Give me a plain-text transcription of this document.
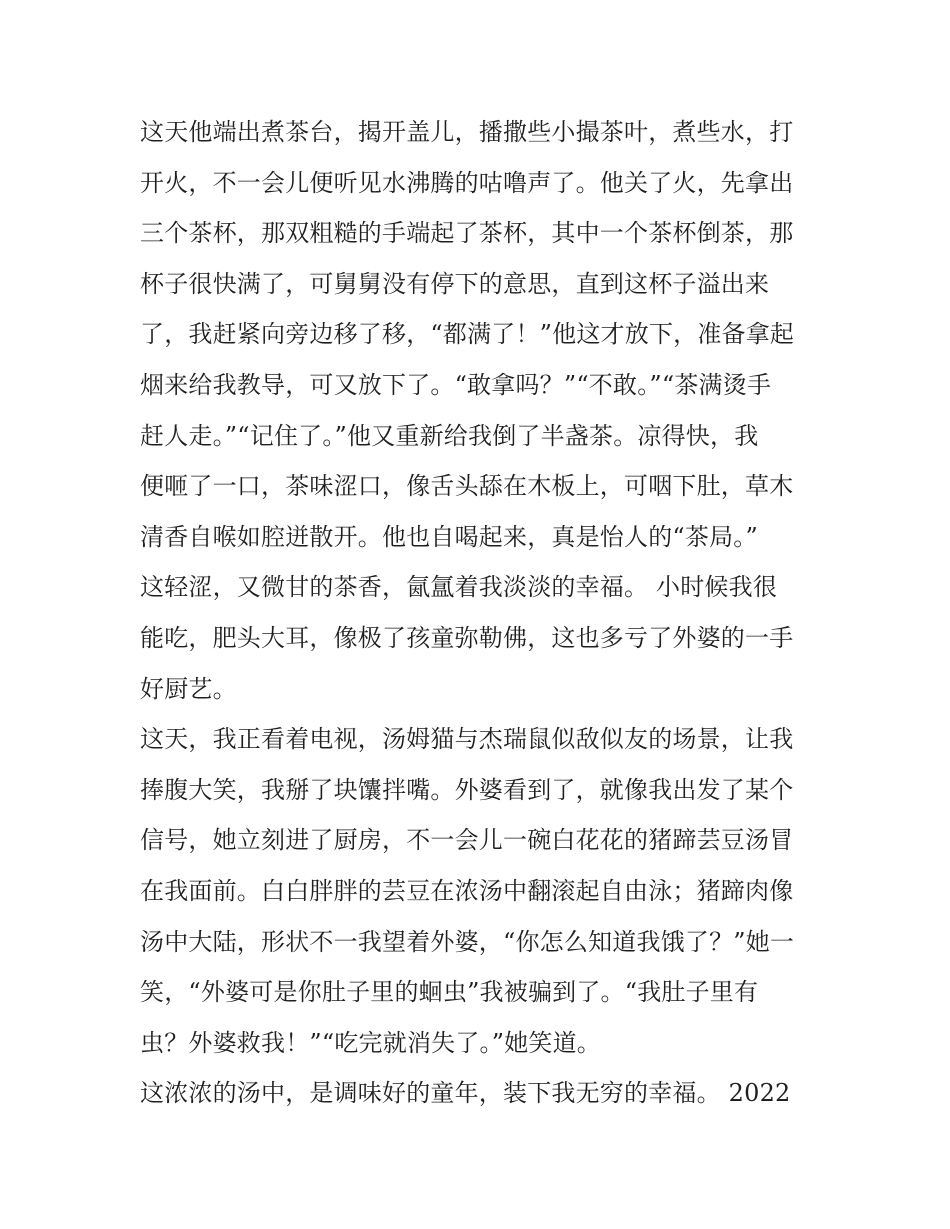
这天他端出煮茶台，揭开盖儿，播撒些小撮茶叶，煮些水，打
开火，不一会儿便听见水沸腾的咕噜声了。他关了火，先拿出
三个茶杯，那双粗糙的手端起了茶杯，其中一个茶杯倒茶，那
杯子很快满了，可舅舅没有停下的意思，直到这杯子溢出来
了，我赶紧向旁边移了移，“都满了！”他这才放下，准备拿起
烟来给我教导，可又放下了。“敢拿吗？”“不敢。”“茶满烫手
赶人走。”“记住了。”他又重新给我倒了半盏茶。凉得快，我
便咂了一口，茶味涩口，像舌头舔在木板上，可咽下肚，草木
清香自喉如腔迸散开。他也自喝起来，真是怡人的“茶局。”
这轻涩，又微甘的茶香，氤氲着我淡淡的幸福。 小时候我很
能吃，肥头大耳，像极了孩童弥勒佛，这也多亏了外婆的一手
好厨艺。
这天，我正看着电视，汤姆猫与杰瑞鼠似敌似友的场景，让我
捧腹大笑，我掰了块馕拌嘴。外婆看到了，就像我出发了某个
信号，她立刻进了厨房，不一会儿一碗白花花的猪蹄芸豆汤冒
在我面前。白白胖胖的芸豆在浓汤中翻滚起自由泳；猪蹄肉像
汤中大陆，形状不一我望着外婆，“你怎么知道我饿了？”她一
笑，“外婆可是你肚子里的蛔虫”我被骗到了。“我肚子里有
虫？外婆救我！”“吃完就消失了。”她笑道。
这浓浓的汤中，是调味好的童年，装下我无穷的幸福。 2022
